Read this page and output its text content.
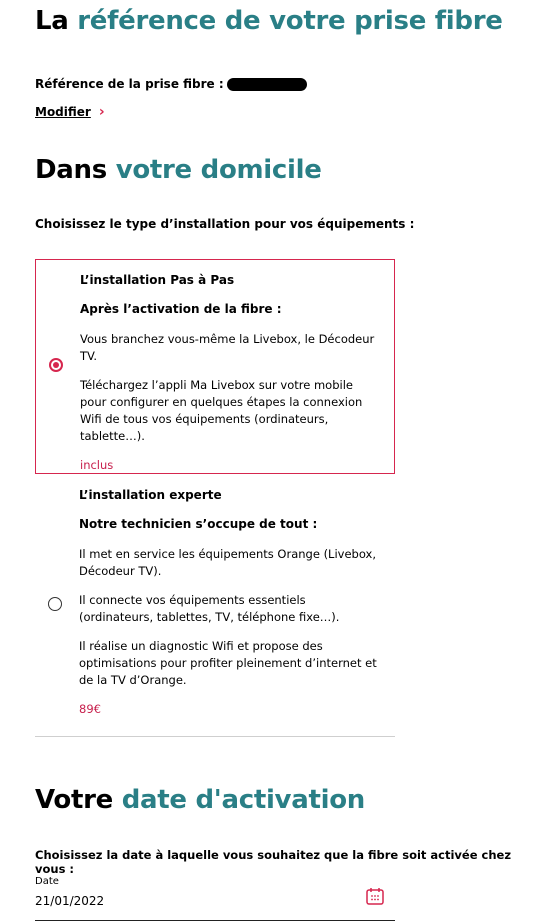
La référence de votre prise fibre
Référence de la prise fibre :
Modifier ›
Dans votre domicile
Choisissez le type d’installation pour vos équipements :
L’installation Pas à Pas
Après l’activation de la fibre :

Vous branchez vous-même la Livebox, le Décodeur TV.

Téléchargez l’appli Ma Livebox sur votre mobile pour configurer en quelques étapes la connexion Wifi de tous vos équipements (ordinateurs, tablette…).

inclus
L’installation experte
Notre technicien s’occupe de tout :

Il met en service les équipements Orange (Livebox, Décodeur TV).

Il connecte vos équipements essentiels (ordinateurs, tablettes, TV, téléphone fixe…).

Il réalise un diagnostic Wifi et propose des optimisations pour profiter pleinement d’internet et de la TV d’Orange.

89€
Votre date d'activation
Choisissez la date à laquelle vous souhaitez que la fibre soit activée chez vous :
Date
21/01/2022
